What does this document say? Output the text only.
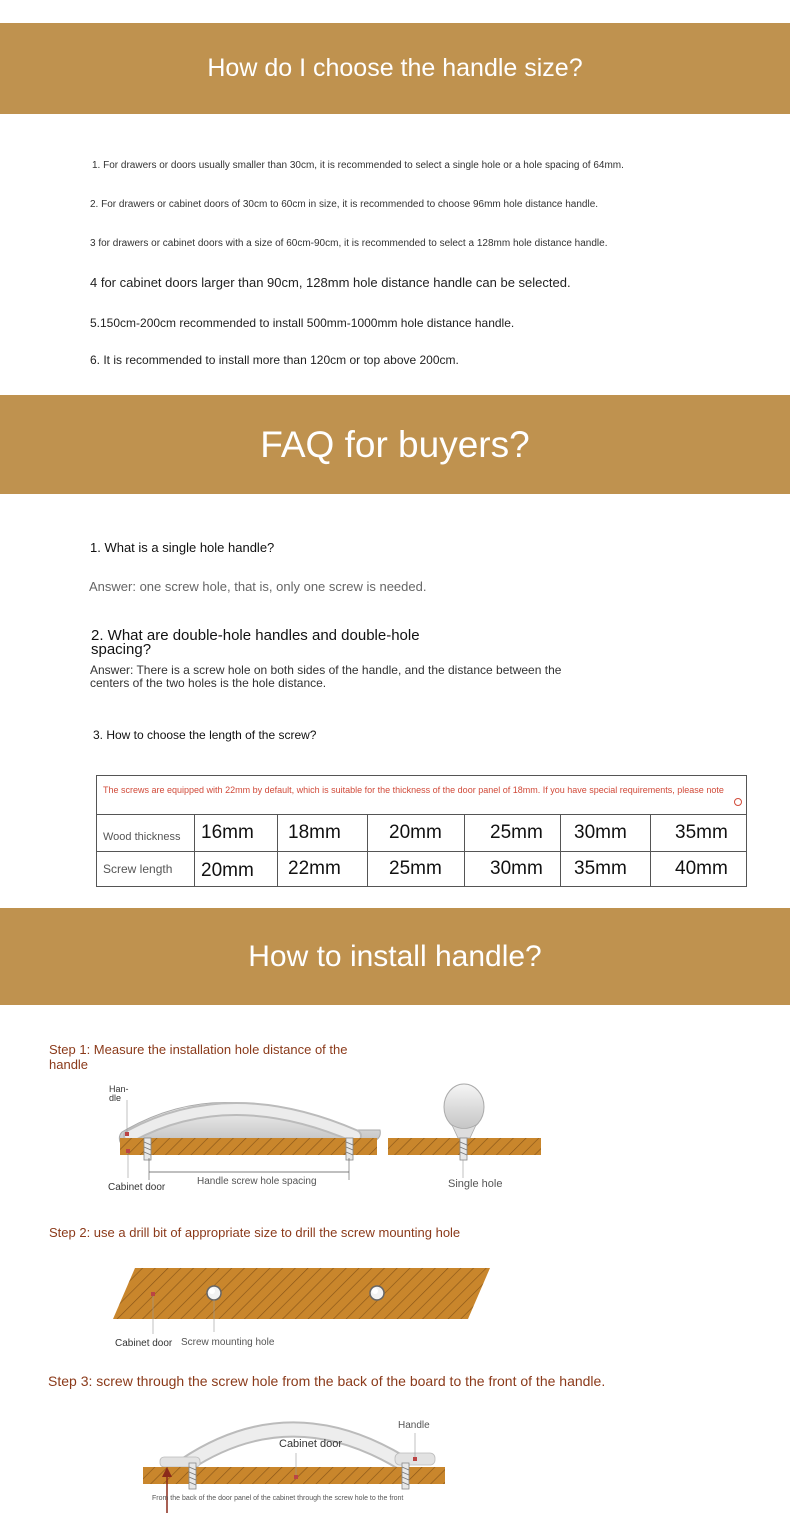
How do I choose the handle size?
1. For drawers or doors usually smaller than 30cm, it is recommended to select a single hole or a hole spacing of 64mm.
2. For drawers or cabinet doors of 30cm to 60cm in size, it is recommended to choose 96mm hole distance handle.
3 for drawers or cabinet doors with a size of 60cm-90cm, it is recommended to select a 128mm hole distance handle.
4 for cabinet doors larger than 90cm, 128mm hole distance handle can be selected.
5.150cm-200cm recommended to install 500mm-1000mm hole distance handle.
6. It is recommended to install more than 120cm or top above 200cm.
FAQ for buyers?
1. What is a single hole handle?
Answer: one screw hole, that is, only one screw is needed.
2. What are double-hole handles and double-hole spacing?
Answer: There is a screw hole on both sides of the handle, and the distance between the centers of the two holes is the hole distance.
3. How to choose the length of the screw?
The screws are equipped with 22mm by default, which is suitable for the thickness of the door panel of 18mm. If you have special requirements, please note
Wood thickness 16mm 18mm	20mm	25mm 30mm	35mm
Screw length 20mm 22mm	25mm	30mm 35mm	40mm
How to install handle?
Step 1: Measure the installation hole distance of the handle
Han-dle
Cabinet door
Handle screw hole spacing	Single hole
Step 2: use a drill bit of appropriate size to drill the screw mounting hole
Cabinet door Screw mounting hole
Step 3: screw through the screw hole from the back of the board to the front of the handle.
Handle
Cabinet door
From the back of the door panel of the cabinet through the screw hole to the front
